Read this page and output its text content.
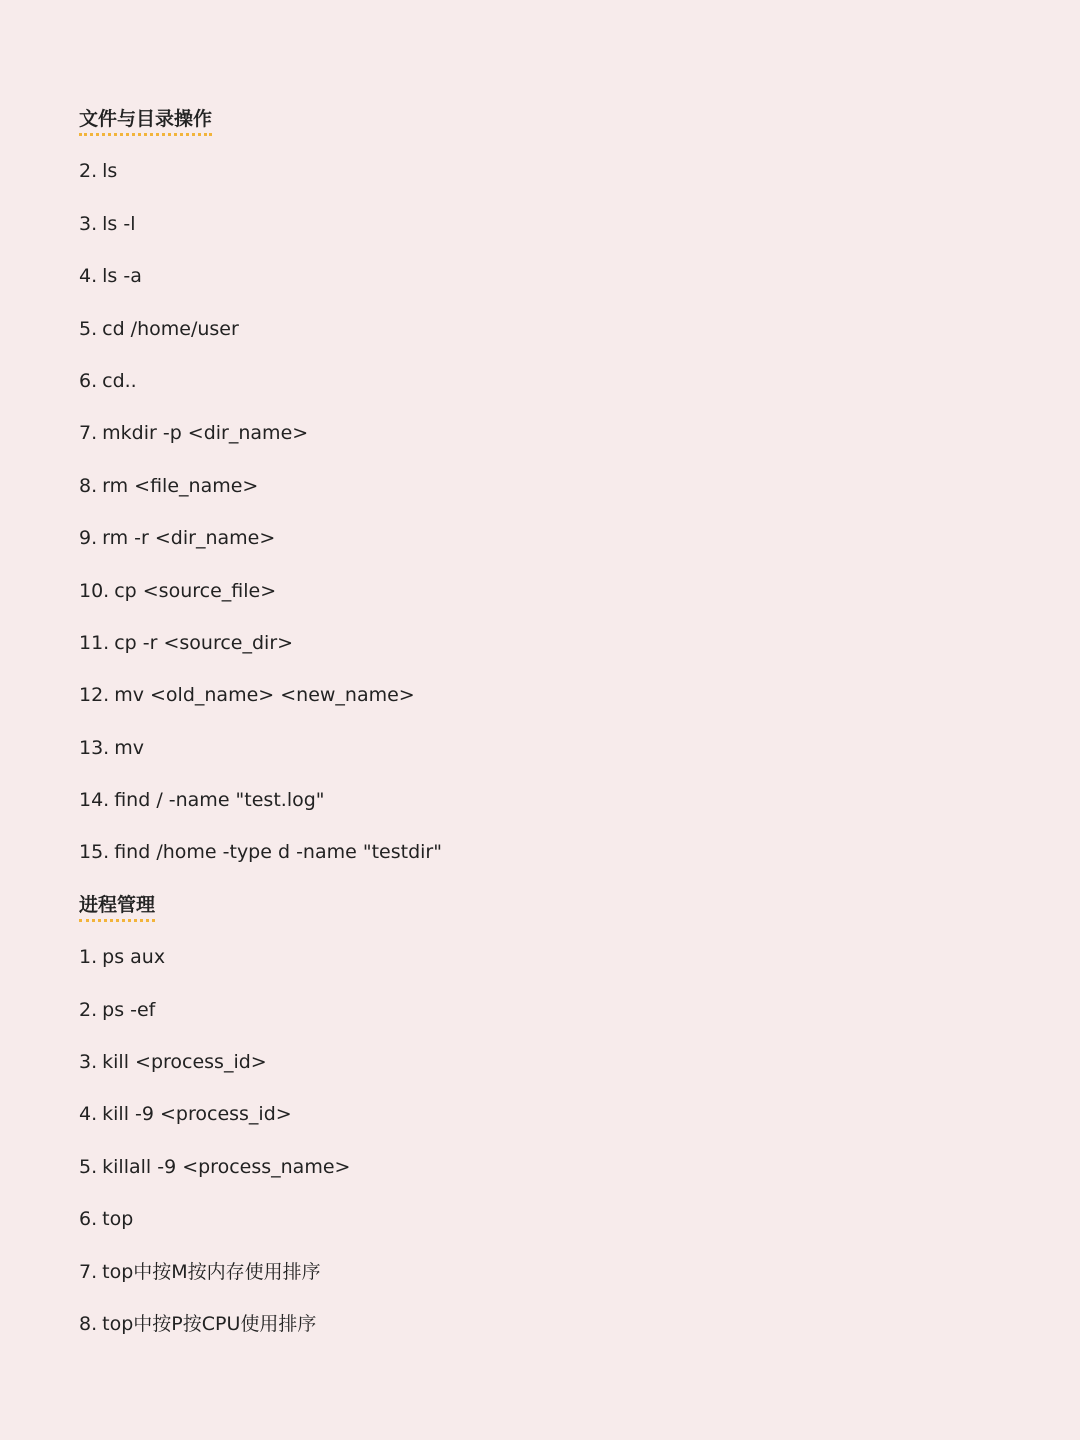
文件与目录操作
2. ls
3. ls -l
4. ls -a
5. cd /home/user
6. cd..
7. mkdir -p <dir_name>
8. rm <file_name>
9. rm -r <dir_name>
10. cp <source_file>
11. cp -r <source_dir>
12. mv <old_name> <new_name>
13. mv
14. find / -name "test.log"
15. find /home -type d -name "testdir"
进程管理
1. ps aux
2. ps -ef
3. kill <process_id>
4. kill -9 <process_id>
5. killall -9 <process_name>
6. top
7. top中按M按内存使用排序
8. top中按P按CPU使用排序
